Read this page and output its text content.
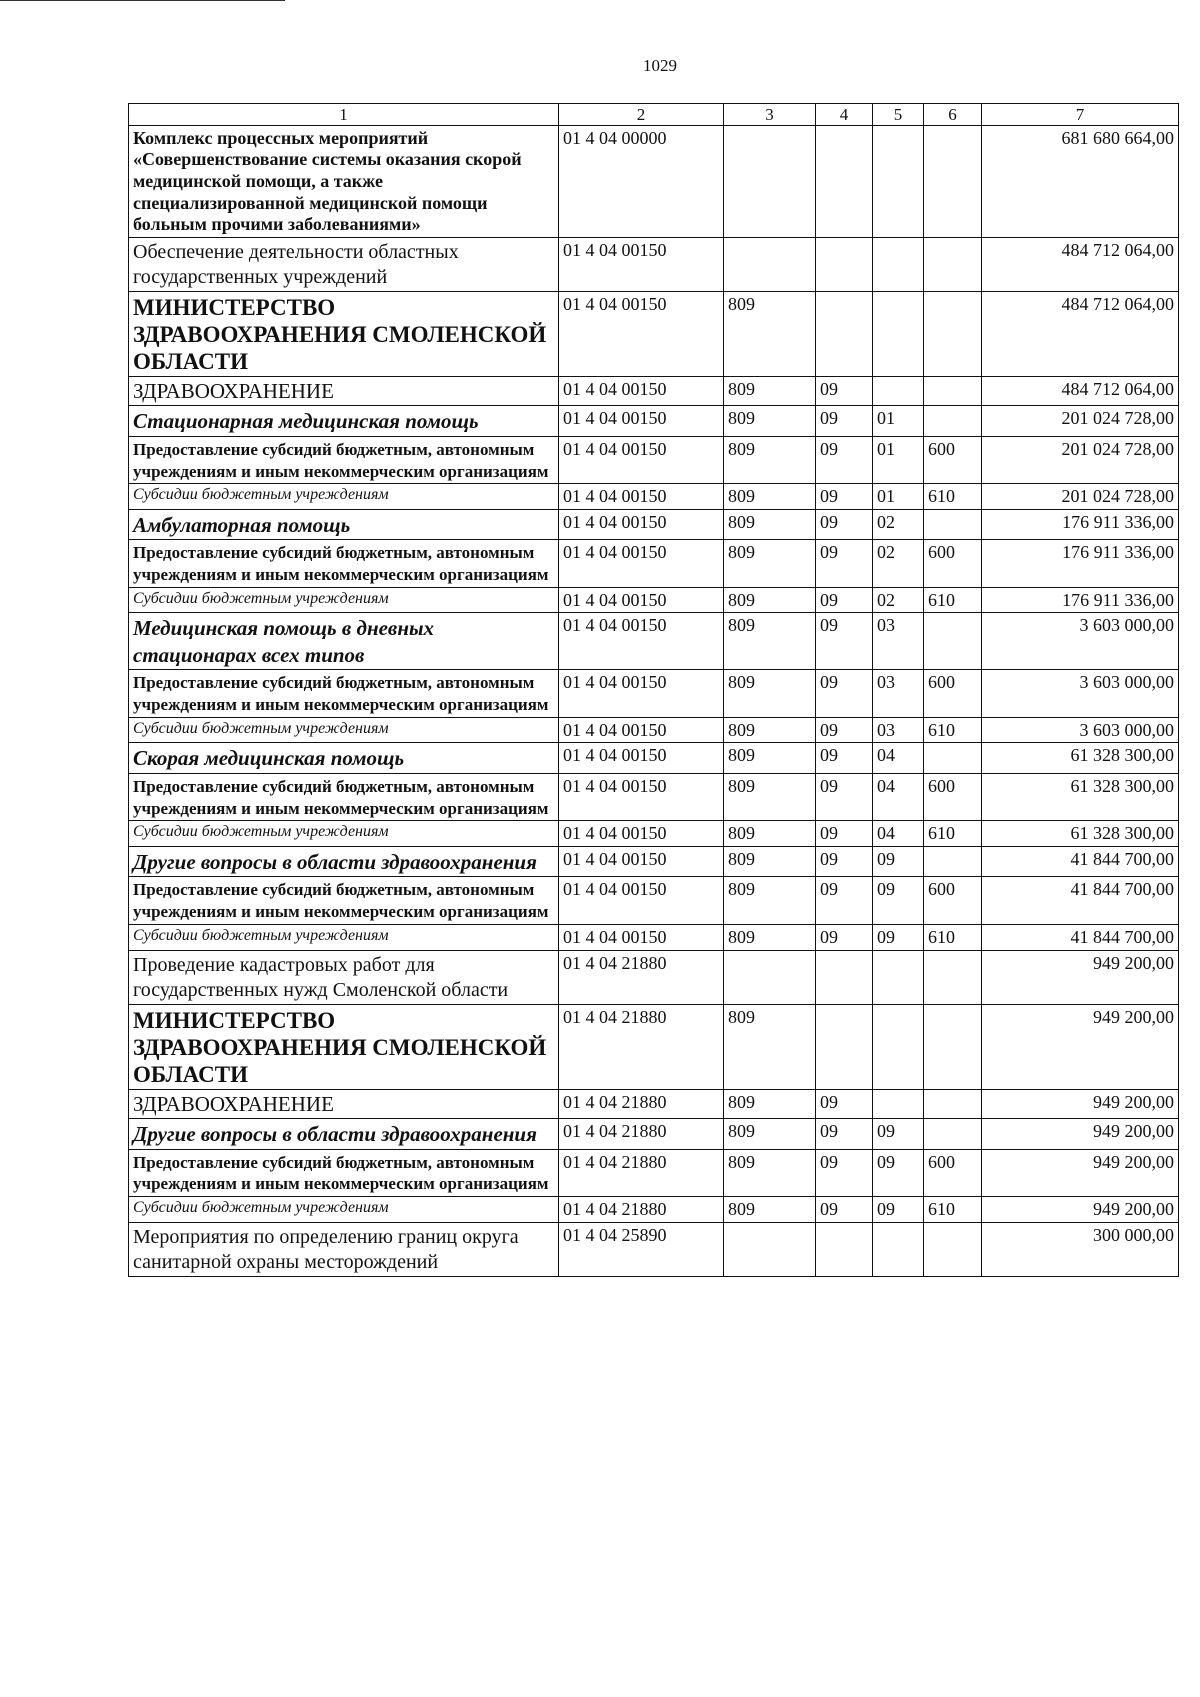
1029
1	2	3	4	5	6	7
Комплекс процессных мероприятий «Совершенствование системы оказания скорой медицинской помощи, а также специализированной медицинской помощи больным прочими заболеваниями»	01 4 04 00000					681 680 664,00
Обеспечение деятельности областных государственных учреждений	01 4 04 00150					484 712 064,00
МИНИСТЕРСТВО ЗДРАВООХРАНЕНИЯ СМОЛЕНСКОЙ ОБЛАСТИ	01 4 04 00150	809				484 712 064,00
ЗДРАВООХРАНЕНИЕ	01 4 04 00150	809	09			484 712 064,00
Стационарная медицинская помощь	01 4 04 00150	809	09	01		201 024 728,00
Предоставление субсидий бюджетным, автономным учреждениям и иным некоммерческим организациям	01 4 04 00150	809	09	01	600	201 024 728,00
Субсидии бюджетным учреждениям	01 4 04 00150	809	09	01	610	201 024 728,00
Амбулаторная помощь	01 4 04 00150	809	09	02		176 911 336,00
Предоставление субсидий бюджетным, автономным учреждениям и иным некоммерческим организациям	01 4 04 00150	809	09	02	600	176 911 336,00
Субсидии бюджетным учреждениям	01 4 04 00150	809	09	02	610	176 911 336,00
Медицинская помощь в дневных стационарах всех типов	01 4 04 00150	809	09	03		3 603 000,00
Предоставление субсидий бюджетным, автономным учреждениям и иным некоммерческим организациям	01 4 04 00150	809	09	03	600	3 603 000,00
Субсидии бюджетным учреждениям	01 4 04 00150	809	09	03	610	3 603 000,00
Скорая медицинская помощь	01 4 04 00150	809	09	04		61 328 300,00
Предоставление субсидий бюджетным, автономным учреждениям и иным некоммерческим организациям	01 4 04 00150	809	09	04	600	61 328 300,00
Субсидии бюджетным учреждениям	01 4 04 00150	809	09	04	610	61 328 300,00
Другие вопросы в области здравоохранения	01 4 04 00150	809	09	09		41 844 700,00
Предоставление субсидий бюджетным, автономным учреждениям и иным некоммерческим организациям	01 4 04 00150	809	09	09	600	41 844 700,00
Субсидии бюджетным учреждениям	01 4 04 00150	809	09	09	610	41 844 700,00
Проведение кадастровых работ для государственных нужд Смоленской области	01 4 04 21880					949 200,00
МИНИСТЕРСТВО ЗДРАВООХРАНЕНИЯ СМОЛЕНСКОЙ ОБЛАСТИ	01 4 04 21880	809				949 200,00
ЗДРАВООХРАНЕНИЕ	01 4 04 21880	809	09			949 200,00
Другие вопросы в области здравоохранения	01 4 04 21880	809	09	09		949 200,00
Предоставление субсидий бюджетным, автономным учреждениям и иным некоммерческим организациям	01 4 04 21880	809	09	09	600	949 200,00
Субсидии бюджетным учреждениям	01 4 04 21880	809	09	09	610	949 200,00
Мероприятия по определению границ округа санитарной охраны месторождений	01 4 04 25890					300 000,00
